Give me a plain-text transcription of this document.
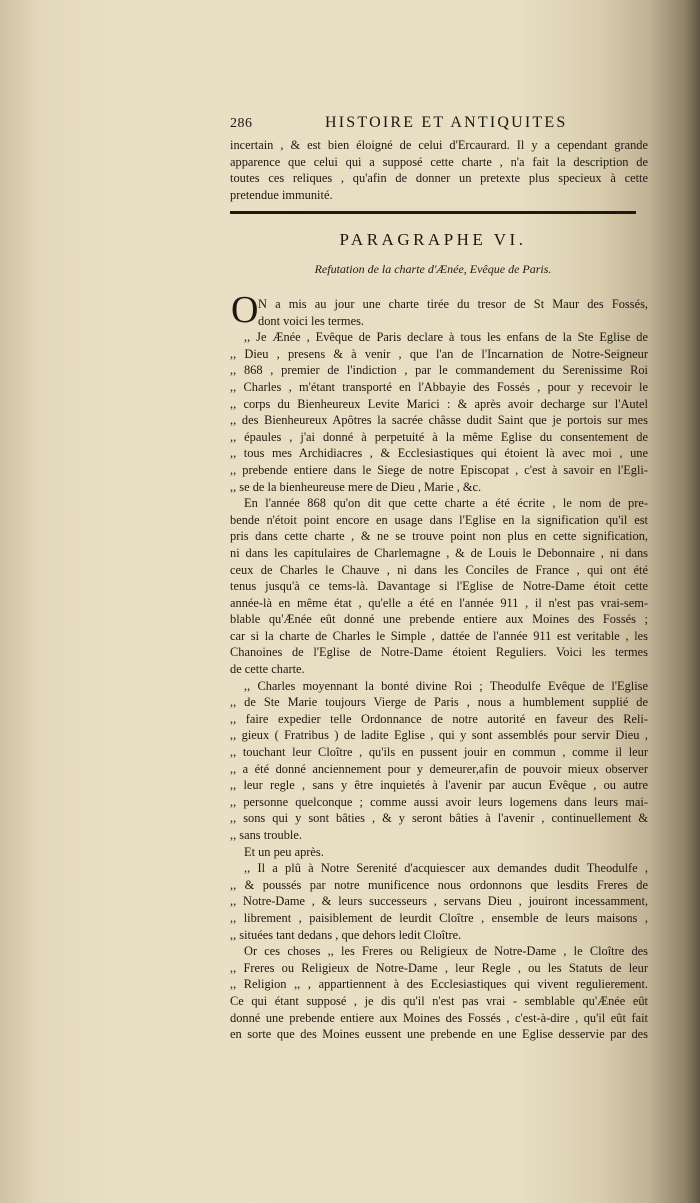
286	HISTOIRE ET ANTIQUITES
incertain , & est bien éloigné de celui d'Ercaurard. Il y a cependant grande
apparence que celui qui a supposé cette charte , n'a fait la description de
toutes ces reliques , qu'afin de donner un pretexte plus specieux à cette
pretendue immunité.
PARAGRAPHE VI.
Refutation de la charte d'Ænée, Evêque de Paris.
O N a mis au jour une charte tirée du tresor de St Maur des Fossés,
dont voici les termes.
,, Je Ænée , Evêque de Paris declare à tous les enfans de la Ste Eglise de
,, Dieu , presens & à venir , que l'an de l'Incarnation de Notre-Seigneur
,, 868 , premier de l'indiction , par le commandement du Serenissime Roi
,, Charles , m'étant transporté en l'Abbayie des Fossés , pour y recevoir le
,, corps du Bienheureux Levite Marici : & après avoir decharge sur l'Autel
,, des Bienheureux Apôtres la sacrée châsse dudit Saint que je portois sur mes
,, épaules , j'ai donné à perpetuité à la même Eglise du consentement de
,, tous mes Archidiacres , & Ecclesiastiques qui étoient là avec moi , une
,, prebende entiere dans le Siege de notre Episcopat , c'est à savoir en l'Egli-
,, se de la bienheureuse mere de Dieu , Marie , &c.
En l'année 868 qu'on dit que cette charte a été écrite , le nom de pre-
bende n'étoit point encore en usage dans l'Eglise en la signification qu'il est
pris dans cette charte , & ne se trouve point non plus en cette signification,
ni dans les capitulaires de Charlemagne , & de Louis le Debonnaire , ni dans
ceux de Charles le Chauve , ni dans les Conciles de France , qui ont été
tenus jusqu'à ce tems-là. Davantage si l'Eglise de Notre-Dame étoit cette
année-là en même état , qu'elle a été en l'année 911 , il n'est pas vrai-sem-
blable qu'Ænée eût donné une prebende entiere aux Moines des Fossés ;
car si la charte de Charles le Simple , dattée de l'année 911 est veritable , les
Chanoines de l'Eglise de Notre-Dame étoient Reguliers. Voici les termes
de cette charte.
,, Charles moyennant la bonté divine Roi ; Theodulfe Evêque de l'Eglise
,, de Ste Marie toujours Vierge de Paris , nous a humblement supplié de
,, faire expedier telle Ordonnance de notre autorité en faveur des Reli-
,, gieux ( Fratribus ) de ladite Eglise , qui y sont assemblés pour servir Dieu ,
,, touchant leur Cloître , qu'ils en pussent jouir en commun , comme il leur
,, a été donné anciennement pour y demeurer,afin de pouvoir mieux observer
,, leur regle , sans y être inquietés à l'avenir par aucun Evêque , ou autre
,, personne quelconque ; comme aussi avoir leurs logemens dans leurs mai-
,, sons qui y sont bâties , & y seront bâties à l'avenir , continuellement &
,, sans trouble.
Et un peu après.
,, Il a plû à Notre Serenité d'acquiescer aux demandes dudit Theodulfe ,
,, & poussés par notre munificence nous ordonnons que lesdits Freres de
,, Notre-Dame , & leurs successeurs , servans Dieu , jouiront incessamment,
,, librement , paisiblement de leurdit Cloître , ensemble de leurs maisons ,
,, situées tant dedans , que dehors ledit Cloître.
Or ces choses ,, les Freres ou Religieux de Notre-Dame , le Cloître des
,, Freres ou Religieux de Notre-Dame , leur Regle , ou les Statuts de leur
,, Religion ,, , appartiennent à des Ecclesiastiques qui vivent regulierement.
Ce qui étant supposé , je dis qu'il n'est pas vrai - semblable qu'Ænée eût
donné une prebende entiere aux Moines des Fossés , c'est-à-dire , qu'il eût fait
en sorte que des Moines eussent une prebende en une Eglise desservie par des
